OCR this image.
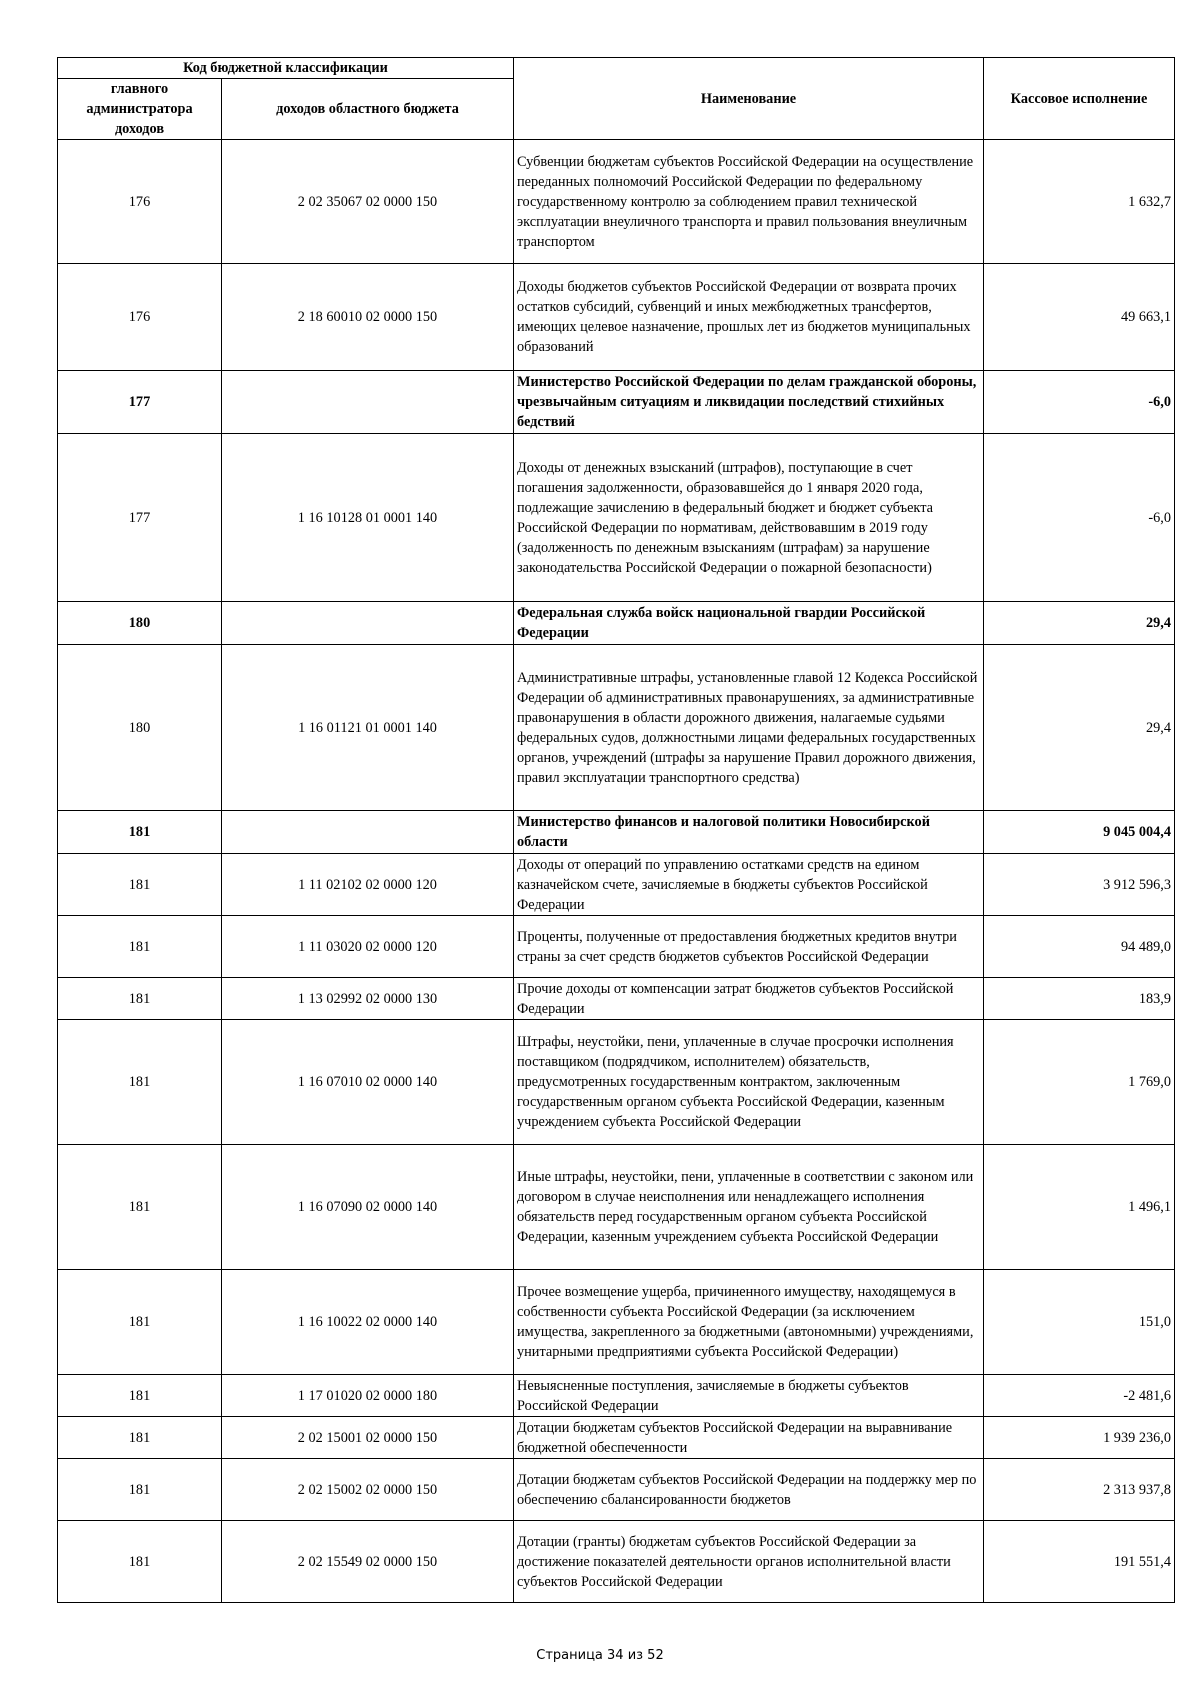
Код бюджетной классификации		Наименование	Кассовое исполнение
главного администратора доходов	доходов областного бюджета		
176	2 02 35067 02 0000 150	Субвенции бюджетам субъектов Российской Федерации на осуществление переданных полномочий Российской Федерации по федеральному государственному контролю за соблюдением правил технической эксплуатации внеуличного транспорта и правил пользования внеуличным транспортом	1 632,7
176	2 18 60010 02 0000 150	Доходы бюджетов субъектов Российской Федерации от возврата прочих остатков субсидий, субвенций и иных межбюджетных трансфертов, имеющих целевое назначение, прошлых лет из бюджетов муниципальных образований	49 663,1
177		Министерство Российской Федерации по делам гражданской обороны, чрезвычайным ситуациям и ликвидации последствий стихийных бедствий	-6,0
177	1 16 10128 01 0001 140	Доходы от денежных взысканий (штрафов), поступающие в счет погашения задолженности, образовавшейся до 1 января 2020 года, подлежащие зачислению в федеральный бюджет и бюджет субъекта Российской Федерации по нормативам, действовавшим в 2019 году (задолженность по денежным взысканиям (штрафам) за нарушение законодательства Российской Федерации о пожарной безопасности)	-6,0
180		Федеральная служба войск национальной гвардии Российской Федерации	29,4
180	1 16 01121 01 0001 140	Административные штрафы, установленные главой 12 Кодекса Российской Федерации об административных правонарушениях, за административные правонарушения в области дорожного движения, налагаемые судьями федеральных судов, должностными лицами федеральных государственных органов, учреждений (штрафы за нарушение Правил дорожного движения, правил эксплуатации транспортного средства)	29,4
181		Министерство финансов и налоговой политики Новосибирской области	9 045 004,4
181	1 11 02102 02 0000 120	Доходы от операций по управлению остатками средств на едином казначейском счете, зачисляемые в бюджеты субъектов Российской Федерации	3 912 596,3
181	1 11 03020 02 0000 120	Проценты, полученные от предоставления бюджетных кредитов внутри страны за счет средств бюджетов субъектов Российской Федерации	94 489,0
181	1 13 02992 02 0000 130	Прочие доходы от компенсации затрат бюджетов субъектов Российской Федерации	183,9
181	1 16 07010 02 0000 140	Штрафы, неустойки, пени, уплаченные в случае просрочки исполнения поставщиком (подрядчиком, исполнителем) обязательств, предусмотренных государственным контрактом, заключенным государственным органом субъекта Российской Федерации, казенным учреждением субъекта Российской Федерации	1 769,0
181	1 16 07090 02 0000 140	Иные штрафы, неустойки, пени, уплаченные в соответствии с законом или договором в случае неисполнения или ненадлежащего исполнения обязательств перед государственным органом субъекта Российской Федерации, казенным учреждением субъекта Российской Федерации	1 496,1
181	1 16 10022 02 0000 140	Прочее возмещение ущерба, причиненного имуществу, находящемуся в собственности субъекта Российской Федерации (за исключением имущества, закрепленного за бюджетными (автономными) учреждениями, унитарными предприятиями субъекта Российской Федерации)	151,0
181	1 17 01020 02 0000 180	Невыясненные поступления, зачисляемые в бюджеты субъектов Российской Федерации	-2 481,6
181	2 02 15001 02 0000 150	Дотации бюджетам субъектов Российской Федерации на выравнивание бюджетной обеспеченности	1 939 236,0
181	2 02 15002 02 0000 150	Дотации бюджетам субъектов Российской Федерации на поддержку мер по обеспечению сбалансированности бюджетов	2 313 937,8
181	2 02 15549 02 0000 150	Дотации (гранты) бюджетам субъектов Российской Федерации за достижение показателей деятельности органов исполнительной власти субъектов Российской Федерации	191 551,4
Страница 34 из 52
